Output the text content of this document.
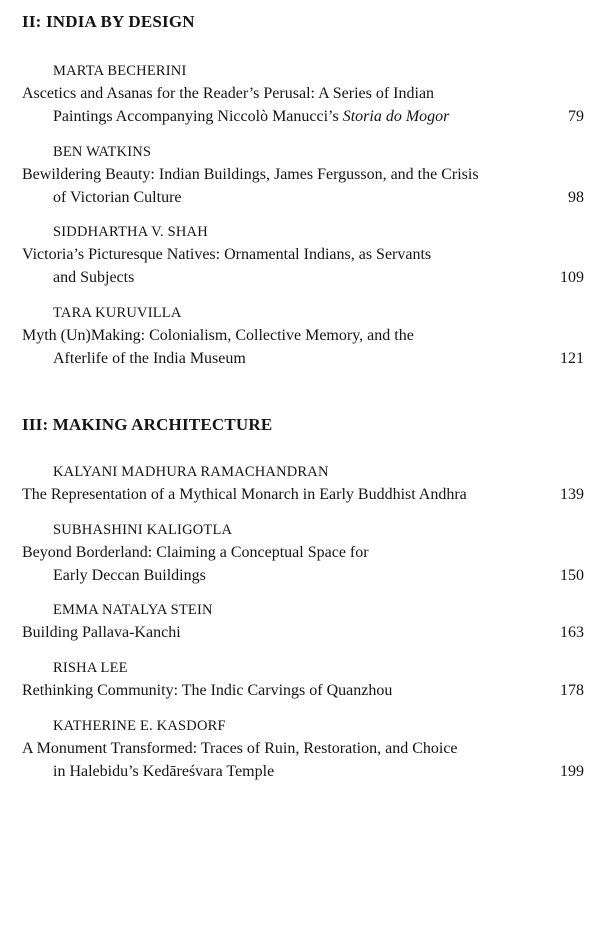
II: INDIA BY DESIGN
MARTA BECHERINI
Ascetics and Asanas for the Reader’s Perusal: A Series of Indian
Paintings Accompanying Niccolò Manucci’s Storia do Mogor	79
BEN WATKINS
Bewildering Beauty: Indian Buildings, James Fergusson, and the Crisis
of Victorian Culture	98
SIDDHARTHA V. SHAH
Victoria’s Picturesque Natives: Ornamental Indians, as Servants
and Subjects	109
TARA KURUVILLA
Myth (Un)Making: Colonialism, Collective Memory, and the
Afterlife of the India Museum	121
III: MAKING ARCHITECTURE
KALYANI MADHURA RAMACHANDRAN
The Representation of a Mythical Monarch in Early Buddhist Andhra	139
SUBHASHINI KALIGOTLA
Beyond Borderland: Claiming a Conceptual Space for
Early Deccan Buildings	150
EMMA NATALYA STEIN
Building Pallava-Kanchi	163
RISHA LEE
Rethinking Community: The Indic Carvings of Quanzhou	178
KATHERINE E. KASDORF
A Monument Transformed: Traces of Ruin, Restoration, and Choice
in Halebidu’s Kedāreśvara Temple	199
